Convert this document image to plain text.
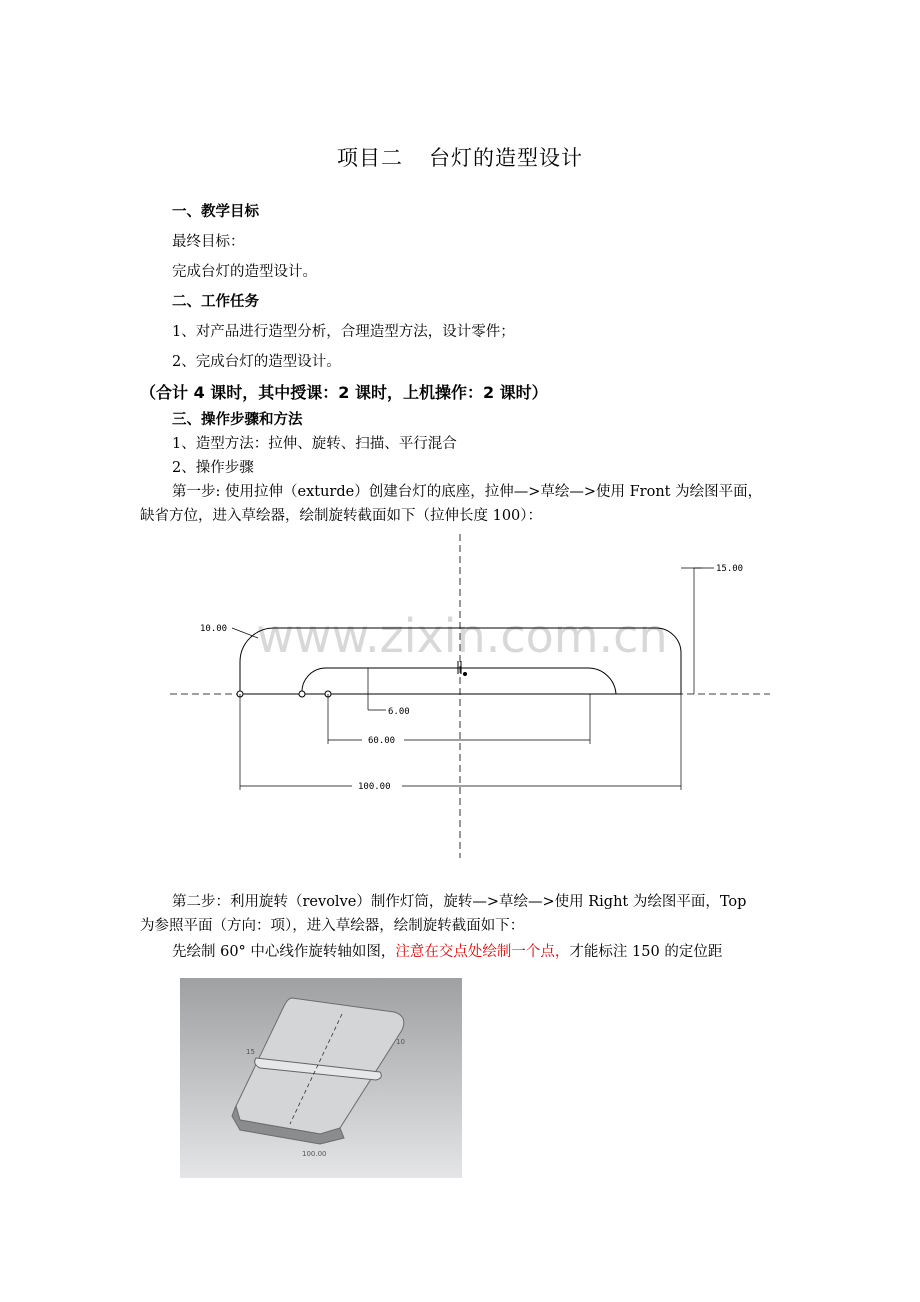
项目二 台灯的造型设计
一、教学目标
最终目标：
完成台灯的造型设计。
二、工作任务
1、对产品进行造型分析，合理造型方法，设计零件；
2、完成台灯的造型设计。
（合计 4 课时，其中授课：2 课时，上机操作：2 课时）
三、操作步骤和方法
1、造型方法：拉伸、旋转、扫描、平行混合
2、操作步骤
第一步: 使用拉伸（exturde）创建台灯的底座，拉伸—>草绘—>使用 Front 为绘图平面，
缺省方位，进入草绘器，绘制旋转截面如下（拉伸长度 100）：
www.zixin.com.cn
15.00
10.00
6.00
60.00
100.00
第二步：利用旋转（revolve）制作灯筒，旋转—>草绘—>使用 Right 为绘图平面，Top
为参照平面（方向：项），进入草绘器，绘制旋转截面如下：
先绘制 60° 中心线作旋转轴如图，注意在交点处绘制一个点，才能标注 150 的定位距
10
15
100.00
